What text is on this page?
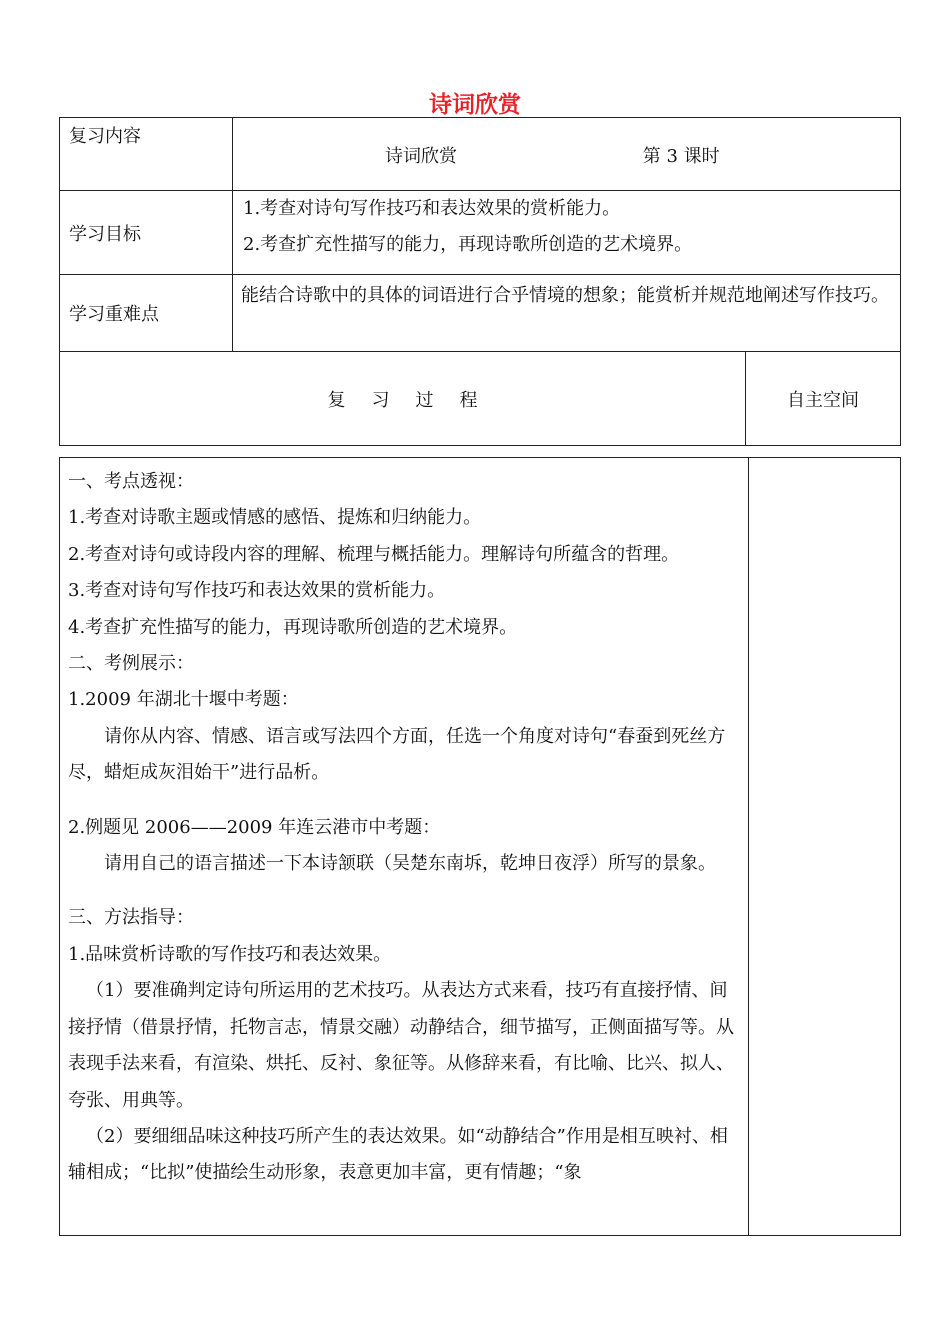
诗词欣赏
复习内容	诗词欣赏 第 3 课时	

学习目标	1.考查对诗句写作技巧和表达效果的赏析能力。

2.考查扩充性描写的能力，再现诗歌所创造的艺术境界。	

学习重难点	能结合诗歌中的具体的词语进行合乎情境的想象；能赏析并规范地阐述写作技巧。	
复习过程		自主空间

一、考点透视：

1.考查对诗歌主题或情感的感悟、提炼和归纳能力。

2.考查对诗句或诗段内容的理解、梳理与概括能力。理解诗句所蕴含的哲理。

3.考查对诗句写作技巧和表达效果的赏析能力。

4.考查扩充性描写的能力，再现诗歌所创造的艺术境界。

二、考例展示：

1.2009 年湖北十堰中考题：

请你从内容、情感、语言或写法四个方面，任选一个角度对诗句“春蚕到死丝方尽，蜡炬成灰泪始干”进行品析。

2.例题见 2006——2009 年连云港市中考题：

请用自己的语言描述一下本诗颔联（吴楚东南坼，乾坤日夜浮）所写的景象。

三、方法指导：

1.品味赏析诗歌的写作技巧和表达效果。

（1）要准确判定诗句所运用的艺术技巧。从表达方式来看，技巧有直接抒情、间接抒情（借景抒情，托物言志，情景交融）动静结合，细节描写，正侧面描写等。从表现手法来看，有渲染、烘托、反衬、象征等。从修辞来看，有比喻、比兴、拟人、夸张、用典等。

（2）要细细品味这种技巧所产生的表达效果。如“动静结合”作用是相互映衬、相辅相成；“比拟”使描绘生动形象，表意更加丰富，更有情趣；“象
